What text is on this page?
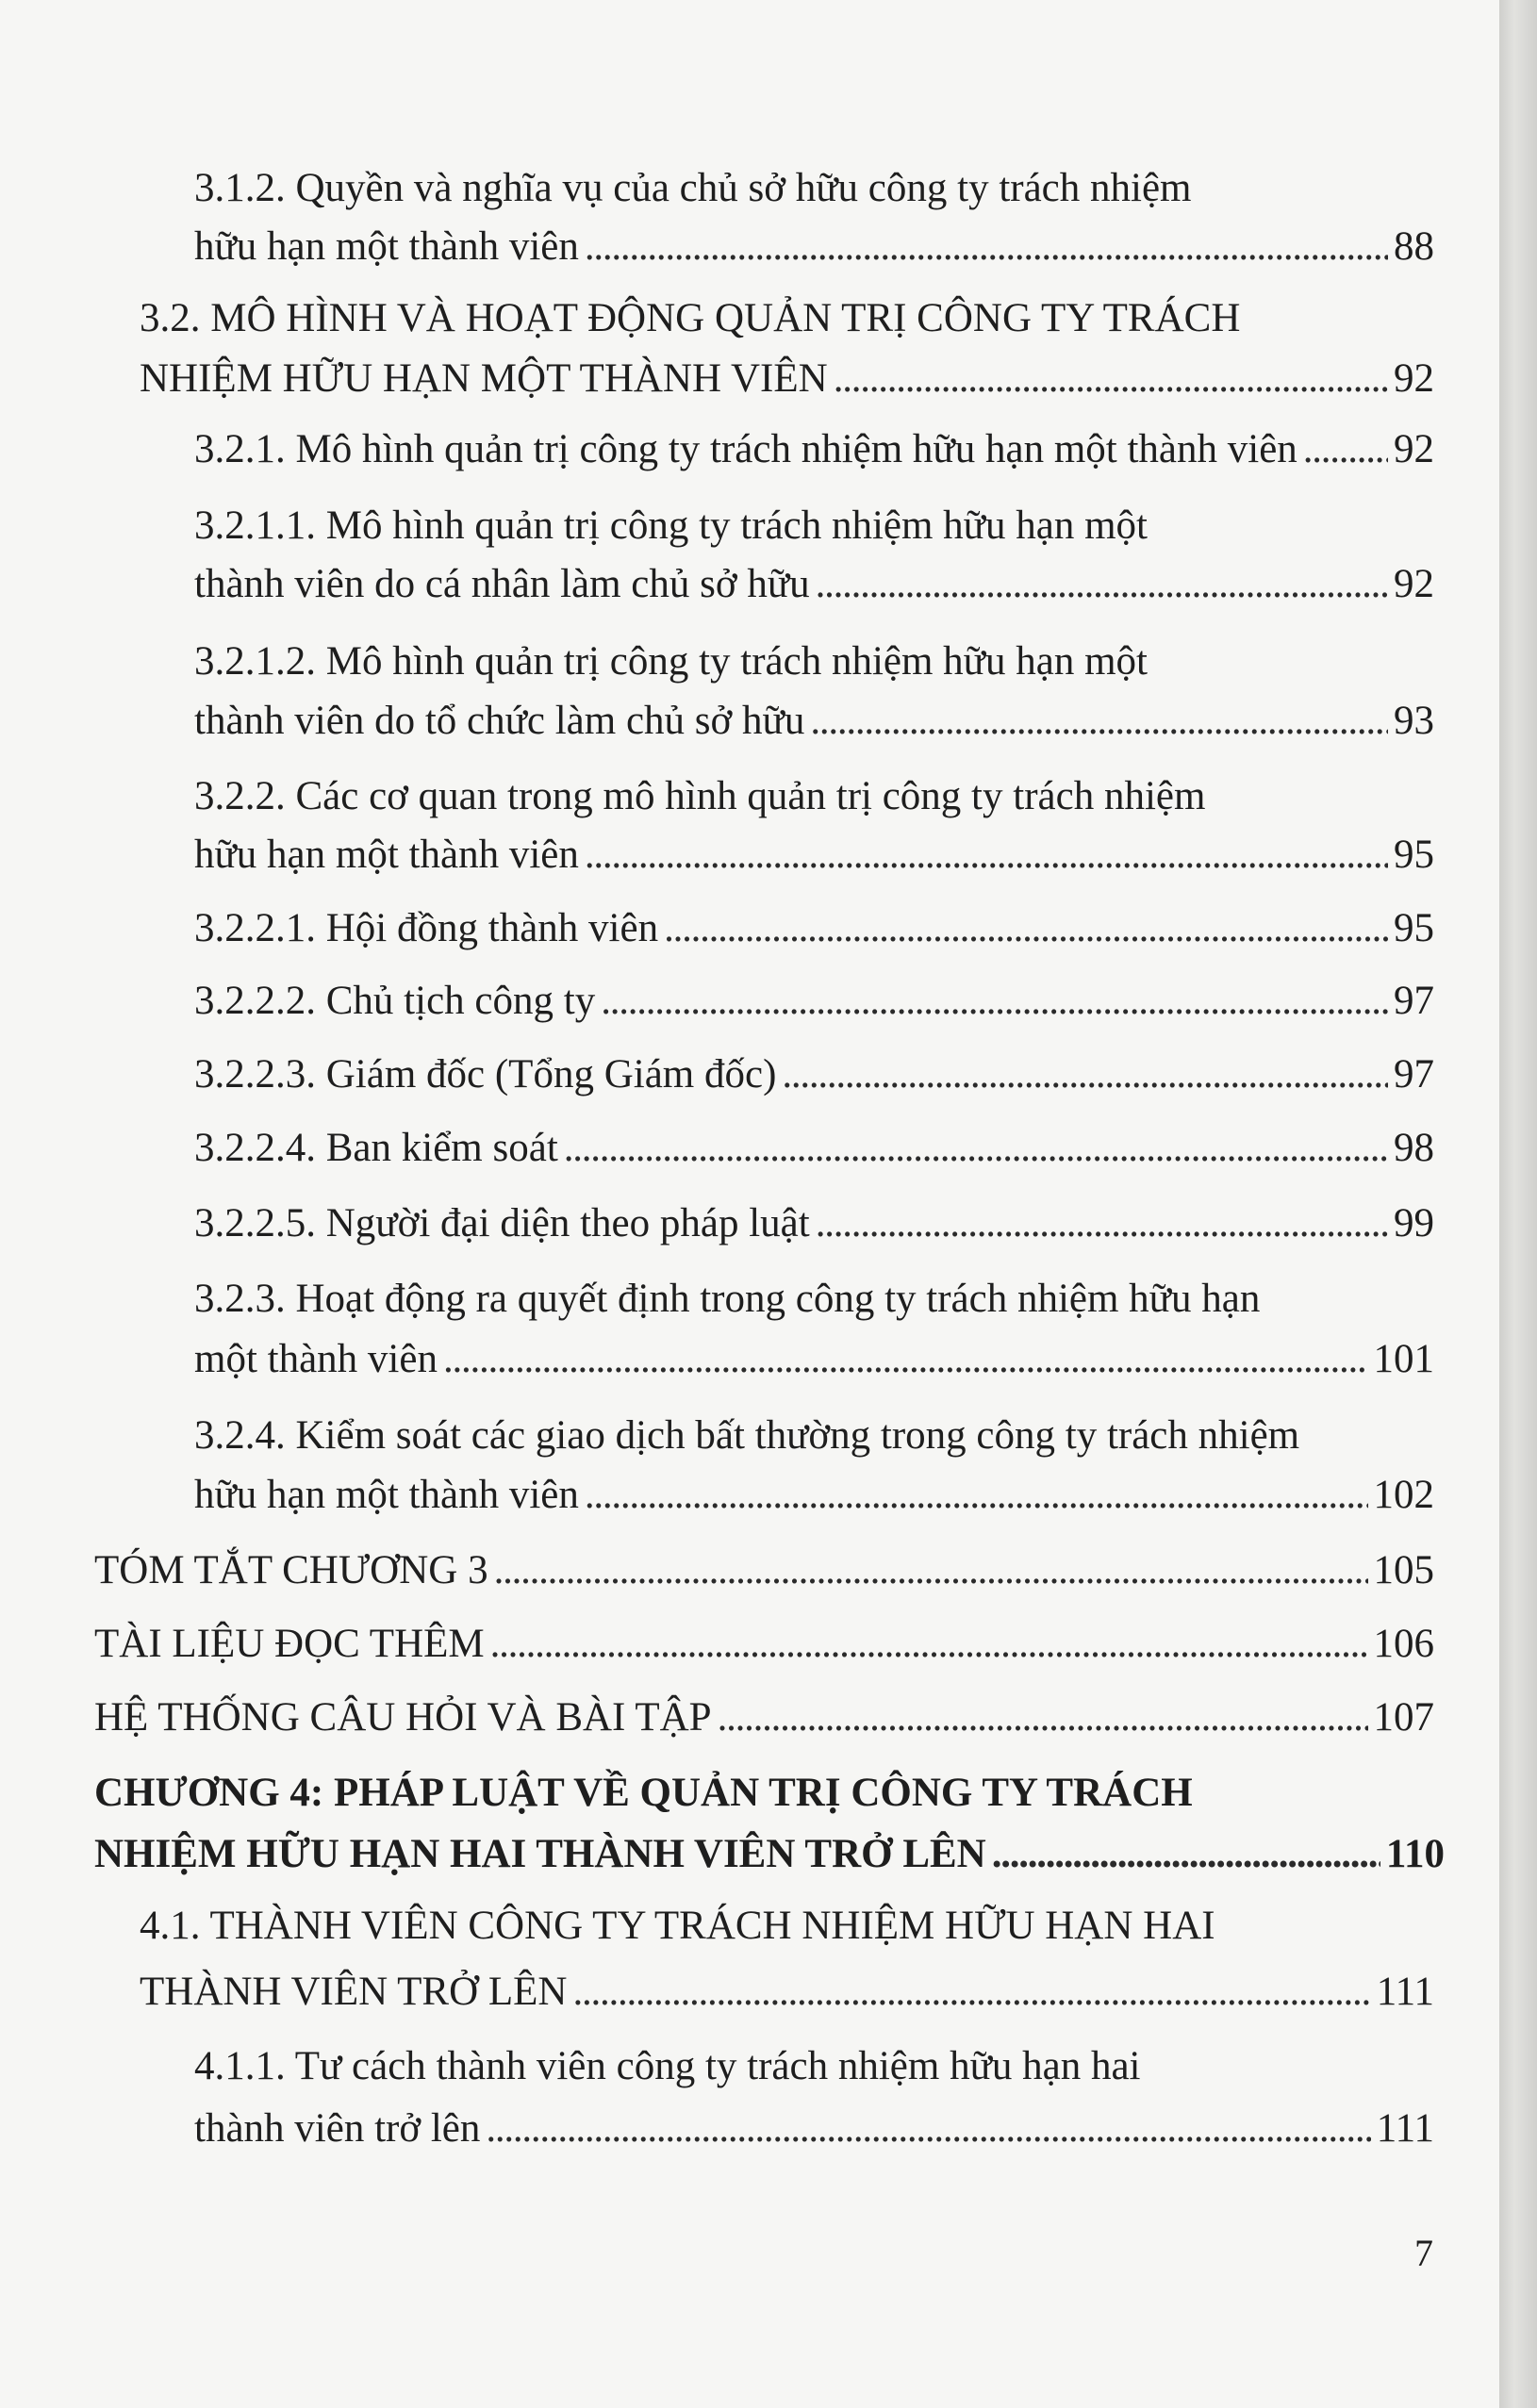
3.1.2. Quyền và nghĩa vụ của chủ sở hữu công ty trách nhiệm
hữu hạn một thành viên . . .	88
3.2. MÔ HÌNH VÀ HOẠT ĐỘNG QUẢN TRỊ CÔNG TY TRÁCH
NHIỆM HỮU HẠN MỘT THÀNH VIÊN . . .	92
3.2.1. Mô hình quản trị công ty trách nhiệm hữu hạn một thành viên . . . 92
3.2.1.1. Mô hình quản trị công ty trách nhiệm hữu hạn một
thành viên do cá nhân làm chủ sở hữu . . .	92
3.2.1.2. Mô hình quản trị công ty trách nhiệm hữu hạn một
thành viên do tổ chức làm chủ sở hữu . . .	93
3.2.2. Các cơ quan trong mô hình quản trị công ty trách nhiệm
hữu hạn một thành viên . . .	95
3.2.2.1. Hội đồng thành viên . . .	95
3.2.2.2. Chủ tịch công ty . . .	97
3.2.2.3. Giám đốc (Tổng Giám đốc) . . .	97
3.2.2.4. Ban kiểm soát . . .	98
3.2.2.5. Người đại diện theo pháp luật . . .	99
3.2.3. Hoạt động ra quyết định trong công ty trách nhiệm hữu hạn
một thành viên . . .	101
3.2.4. Kiểm soát các giao dịch bất thường trong công ty trách nhiệm
hữu hạn một thành viên . . .	102
TÓM TẮT CHƯƠNG 3 . . .	105
TÀI LIỆU ĐỌC THÊM . . .	106
HỆ THỐNG CÂU HỎI VÀ BÀI TẬP . . .	107
CHƯƠNG 4: PHÁP LUẬT VỀ QUẢN TRỊ CÔNG TY TRÁCH
NHIỆM HỮU HẠN HAI THÀNH VIÊN TRỞ LÊN . . .	110
4.1. THÀNH VIÊN CÔNG TY TRÁCH NHIỆM HỮU HẠN HAI
THÀNH VIÊN TRỞ LÊN . . .	111
4.1.1. Tư cách thành viên công ty trách nhiệm hữu hạn hai
thành viên trở lên . . .	111
7
